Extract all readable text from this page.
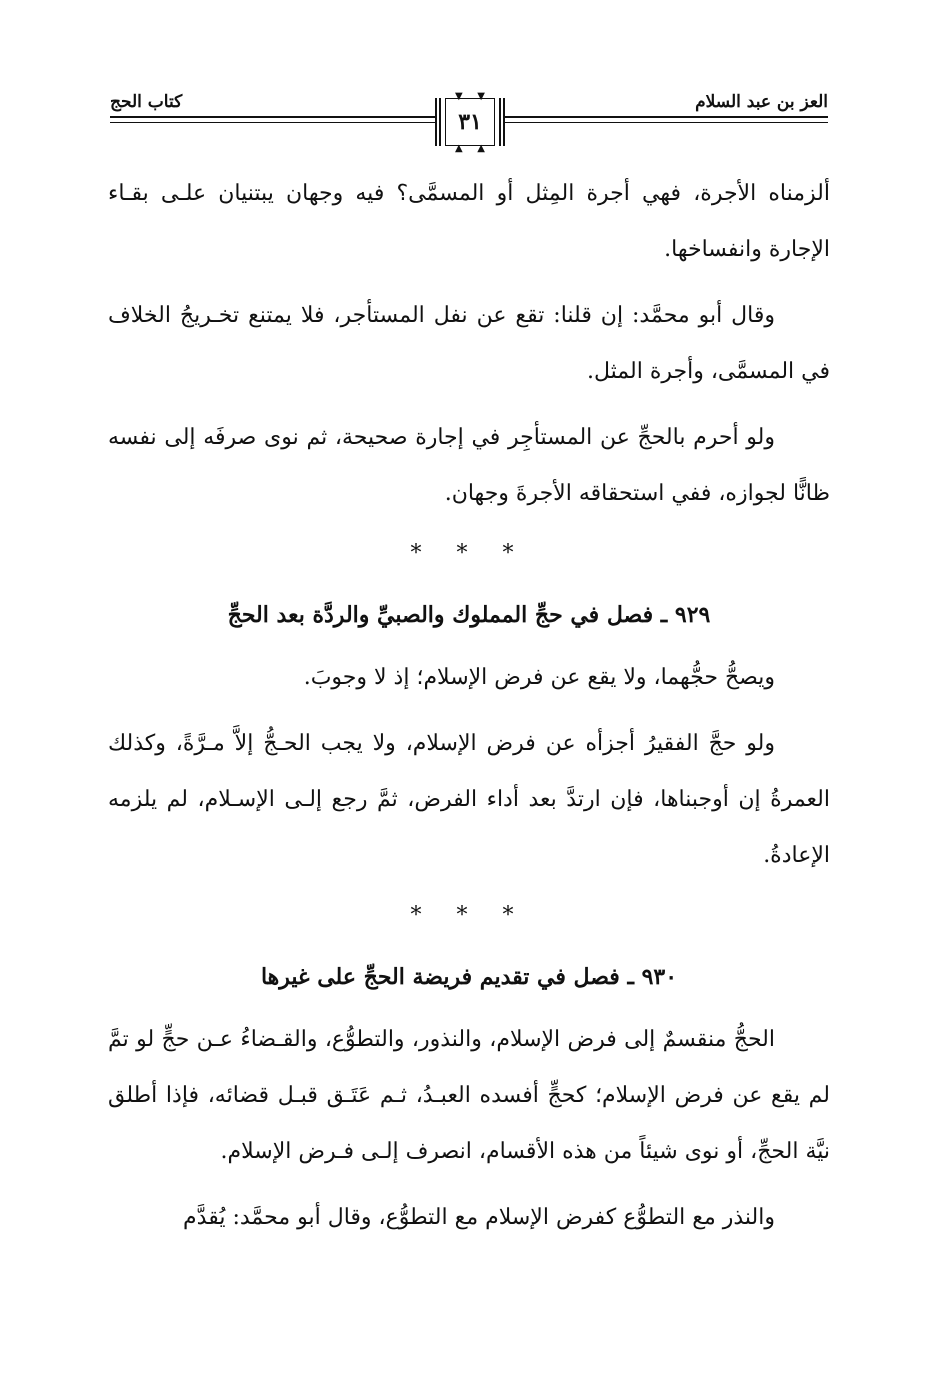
العز بن عبد السلام
كتاب الحج	▼ ▼
٣١
▲ ▲

ألزمناه الأجرة، فهي أجرة المِثل أو المسمَّى؟ فيه وجهان يبتنيان علـى بقـاء الإجارة وانفساخها.

وقال أبو محمَّد: إن قلنا: تقع عن نفل المستأجر، فلا يمتنع تخـريجُ الخلاف في المسمَّى، وأجرة المثل.

ولو أحرم بالحجِّ عن المستأجِر في إجارة صحيحة، ثم نوى صرفَه إلى نفسه ظانًّا لجوازه، ففي استحقاقه الأجرةَ وجهان.

* * *
٩٢٩ ـ فصل في حجِّ المملوك والصبيِّ والردَّة بعد الحجِّ

ويصحُّ حجُّهما، ولا يقع عن فرض الإسلام؛ إذ لا وجوبَ.

ولو حجَّ الفقيرُ أجزأه عن فرض الإسلام، ولا يجب الحـجُّ إلاَّ مـرَّةً، وكذلك العمرةُ إن أوجبناها، فإن ارتدَّ بعد أداء الفرض، ثمَّ رجع إلـى الإسـلام، لم يلزمه الإعادةُ.

* * *
٩٣٠ ـ فصل في تقديم فريضة الحجِّ على غيرها

الحجُّ منقسمٌ إلى فرض الإسلام، والنذور، والتطوُّع، والقـضاءُ عـن حجٍّ لو تمَّ لم يقع عن فرض الإسلام؛ كحجٍّ أفسده العبـدُ، ثـم عَتَـق قبـل قضائه، فإذا أطلق نيَّة الحجِّ، أو نوى شيئاً من هذه الأقسام، انصرف إلـى فـرض الإسلام.

والنذر مع التطوُّع كفرض الإسلام مع التطوُّع، وقال أبو محمَّد: يُقدَّم
